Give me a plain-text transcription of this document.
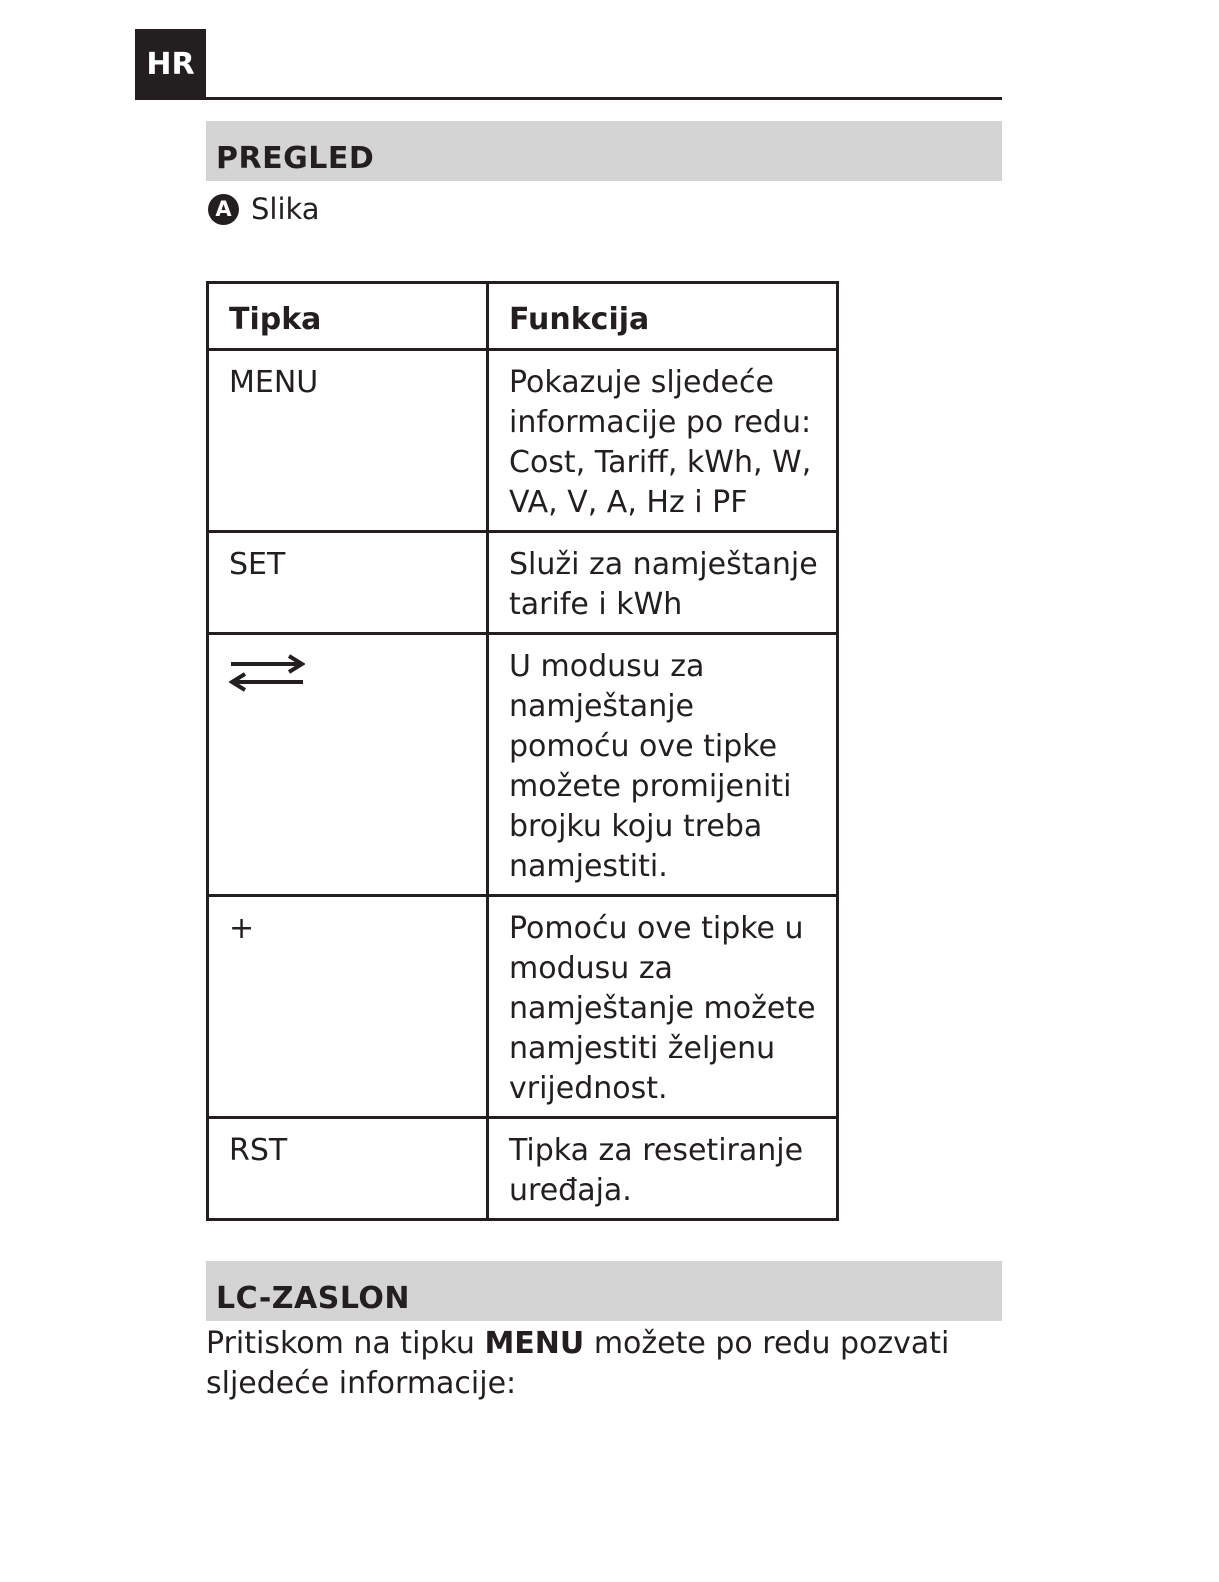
HR
PREGLED
A Slika
Tipka	Funkcija
MENU	Pokazuje sljedeće informacije po redu: Cost, Tariff, kWh, W, VA, V, A, Hz i PF
SET	Služi za namještanje tarife i kWh

	U modusu za namještanje pomoću ove tipke možete promijeniti brojku koju treba namjestiti.
+	Pomoću ove tipke u modusu za namještanje možete namjestiti željenu vrijednost.
RST	Tipka za resetiranje uređaja.
LC-ZASLON

Pritiskom na tipku MENU možete po redu pozvati sljedeće informacije:
